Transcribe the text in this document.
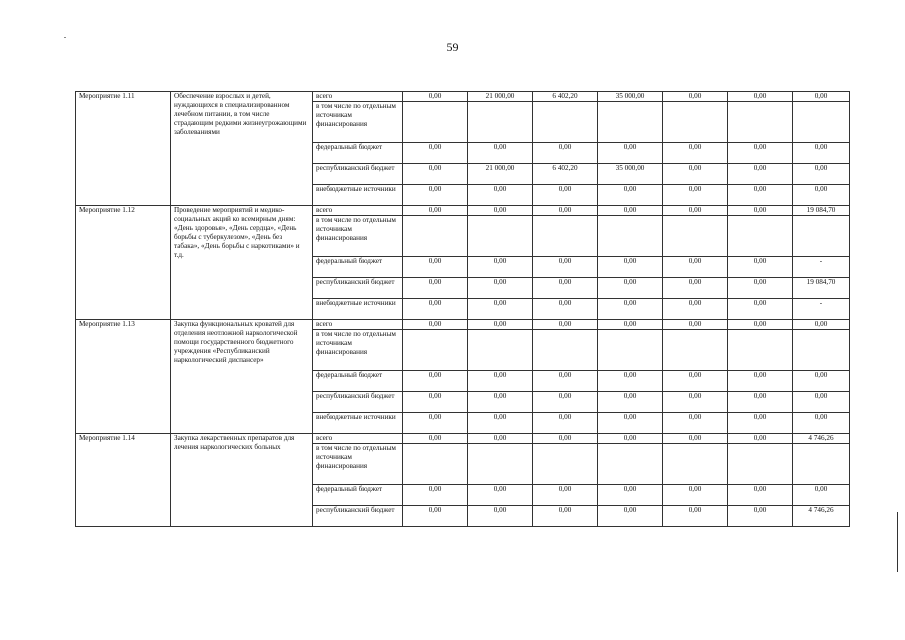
59
Мероприятие 1.11	Обеспечение взрослых и детей, нуждающихся в специализированном лечебном питании, в том числе страдающим редкими жизнеугрожающими заболеваниями	всего	0,00	21 000,00	6 402,20	35 000,00	0,00	0,00	0,00
		в том числе по отдельным источникам финансирования							
		федеральный бюджет	0,00	0,00	0,00	0,00	0,00	0,00	0,00
		республиканский бюджет	0,00	21 000,00	6 402,20	35 000,00	0,00	0,00	0,00
		внебюджетные источники	0,00	0,00	0,00	0,00	0,00	0,00	0,00
Мероприятие 1.12	Проведение мероприятий и медико-социальных акций ко всемирным дням: «День здоровья», «День сердца», «День борьбы с туберкулезом», «День без табака», «День борьбы с наркотиками» и т.д.	всего	0,00	0,00	0,00	0,00	0,00	0,00	19 084,70
		в том числе по отдельным источникам финансирования							
		федеральный бюджет	0,00	0,00	0,00	0,00	0,00	0,00	-
		республиканский бюджет	0,00	0,00	0,00	0,00	0,00	0,00	19 084,70
		внебюджетные источники	0,00	0,00	0,00	0,00	0,00	0,00	-
Мероприятие 1.13	Закупка функциональных кроватей для отделения неотложной наркологической помощи государственного бюджетного учреждения «Республиканский наркологический диспансер»	всего	0,00	0,00	0,00	0,00	0,00	0,00	0,00
		в том числе по отдельным источникам финансирования							
		федеральный бюджет	0,00	0,00	0,00	0,00	0,00	0,00	0,00
		республиканский бюджет	0,00	0,00	0,00	0,00	0,00	0,00	0,00
		внебюджетные источники	0,00	0,00	0,00	0,00	0,00	0,00	0,00
Мероприятие 1.14	Закупка лекарственных препаратов для лечения наркологических больных	всего	0,00	0,00	0,00	0,00	0,00	0,00	4 746,26
		в том числе по отдельным источникам финансирования							
		федеральный бюджет	0,00	0,00	0,00	0,00	0,00	0,00	0,00
		республиканский бюджет	0,00	0,00	0,00	0,00	0,00	0,00	4 746,26
